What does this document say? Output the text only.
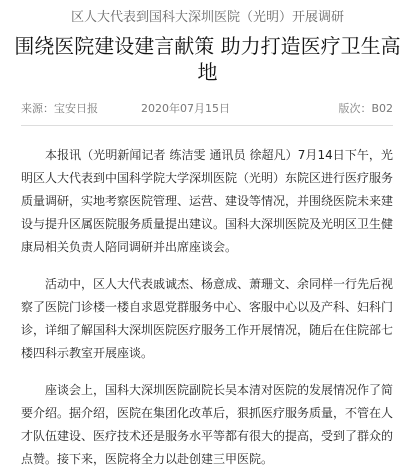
区人大代表到国科大深圳医院（光明）开展调研
围绕医院建设建言献策 助力打造医疗卫生高地
来源：宝安日报	2020年07月15日	版次：B02

本报讯（光明新闻记者 练洁雯 通讯员 徐超凡）7月14日下午，光明区人大代表到中国科学院大学深圳医院（光明）东院区进行医疗服务质量调研，实地考察医院管理、运营、建设等情况，并围绕医院未来建设与提升区属医院服务质量提出建议。国科大深圳医院及光明区卫生健康局相关负责人陪同调研并出席座谈会。

活动中，区人大代表戚诚杰、杨意成、萧珊文、余同样一行先后视察了医院门诊楼一楼自求恩党群服务中心、客服中心以及产科、妇科门诊，详细了解国科大深圳医院医疗服务工作开展情况，随后在住院部七楼四科示教室开展座谈。

座谈会上，国科大深圳医院副院长吴本清对医院的发展情况作了简要介绍。据介绍，医院在集团化改革后，狠抓医疗服务质量，不管在人才队伍建设、医疗技术还是服务水平等都有很大的提高，受到了群众的点赞。接下来，医院将全力以赴创建三甲医院。
